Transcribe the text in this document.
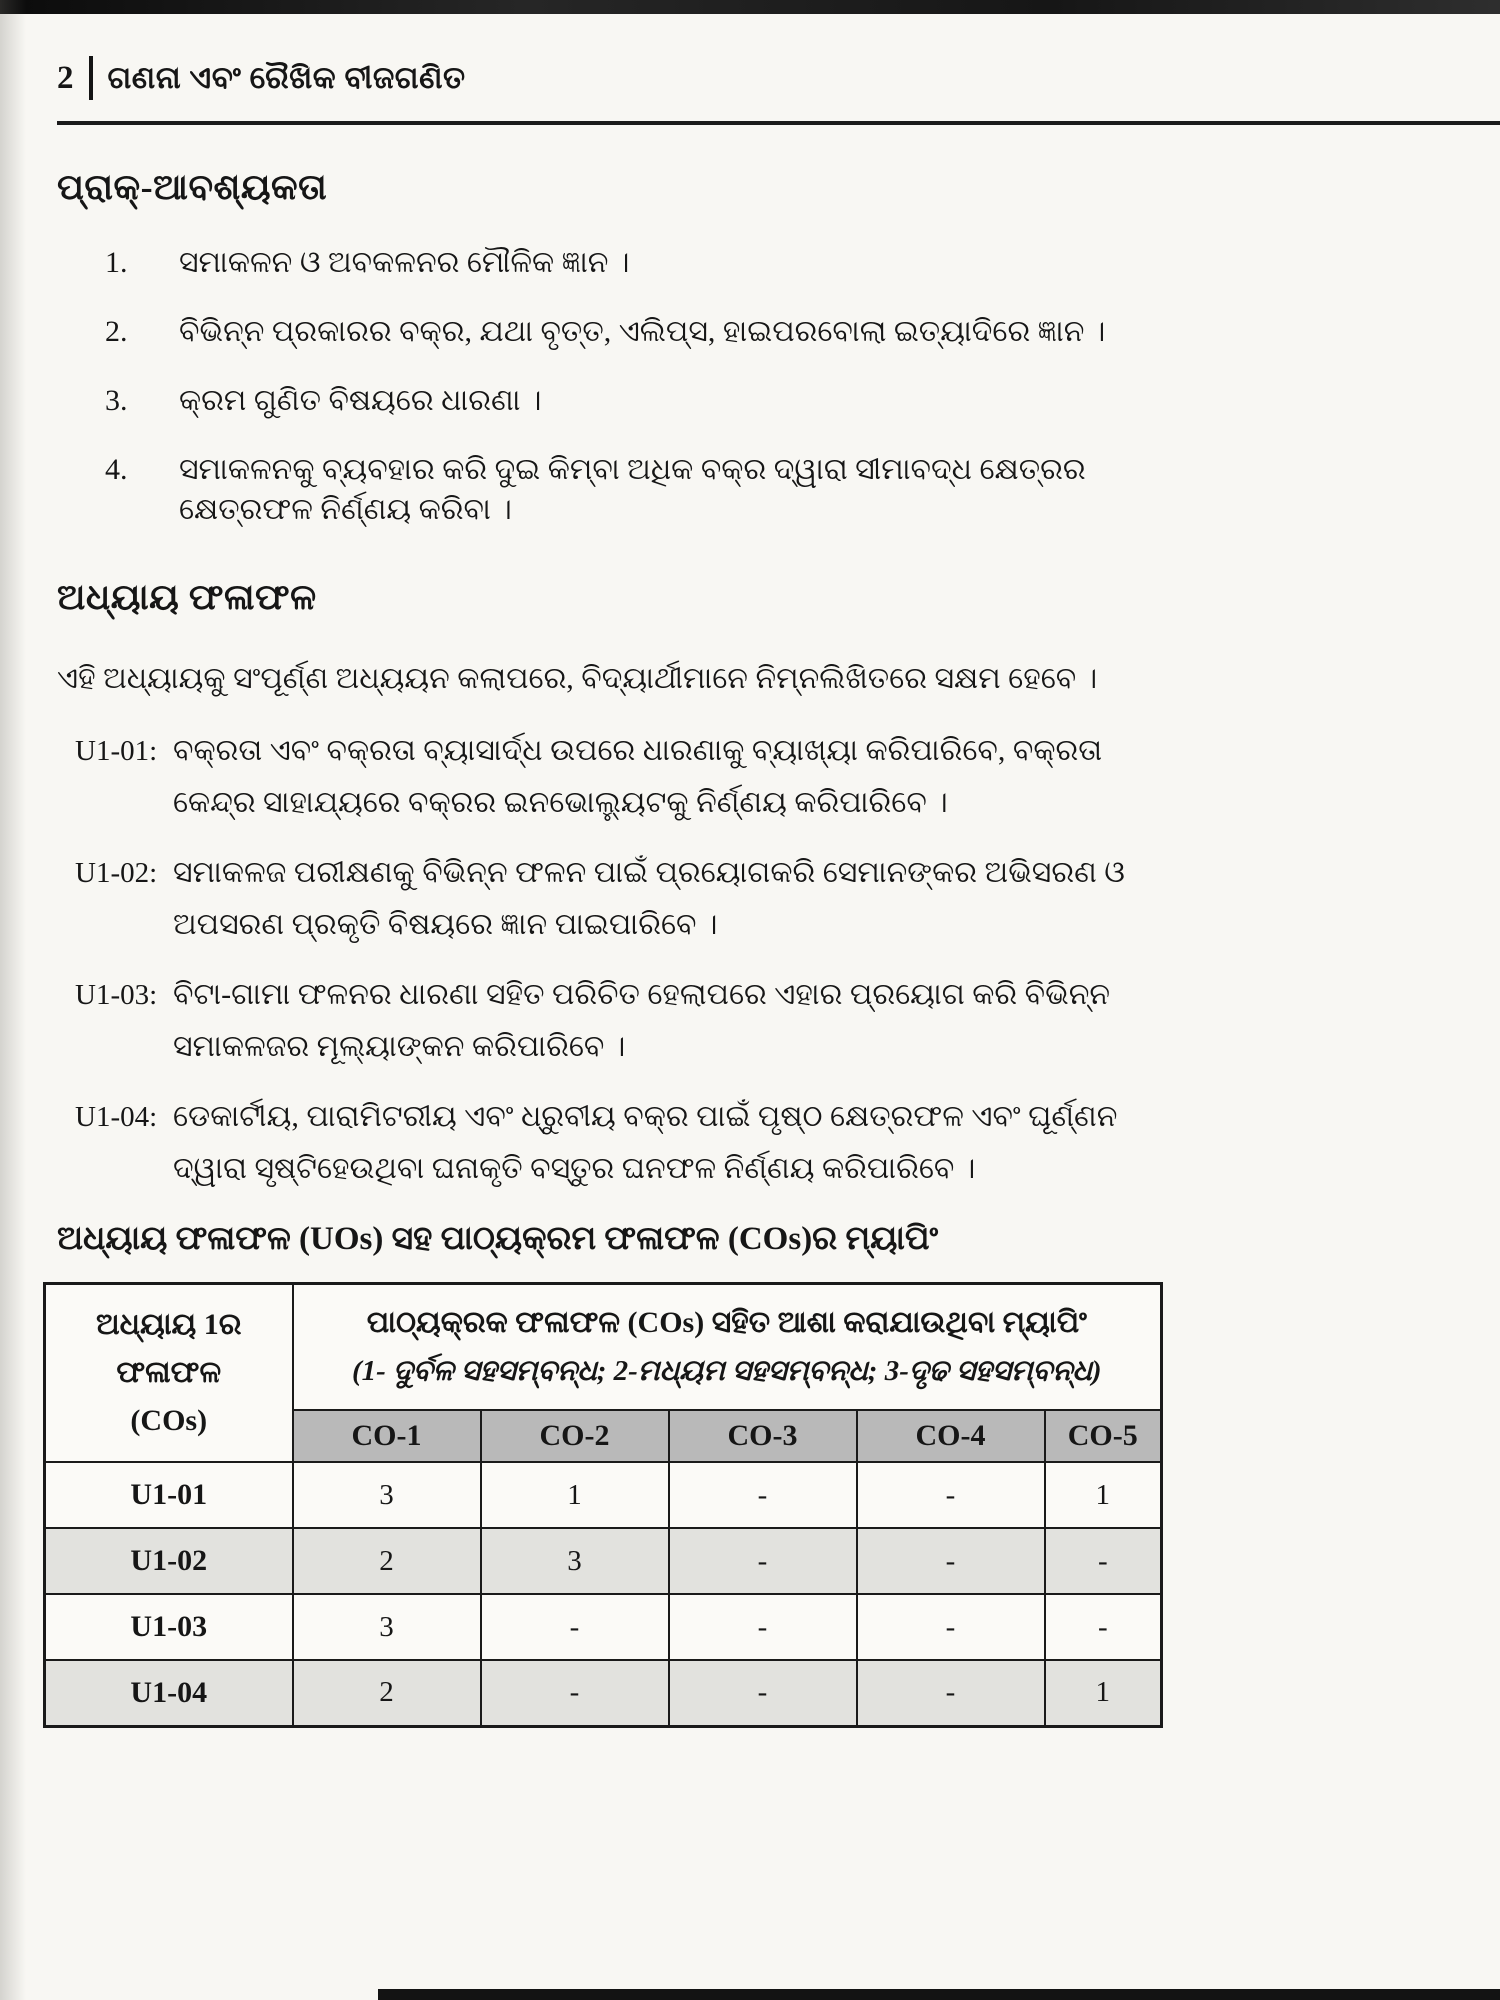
2 ଗଣନା ଏବଂ ରୈଖିକ ବୀଜଗଣିତ
ପ୍ରାକ୍-ଆବଶ୍ୟକତା
1.	ସମାକଳନ ଓ ଅବକଳନର ମୌଳିକ ଜ୍ଞାନ ।
2.	ବିଭିନ୍ନ ପ୍ରକାରର ବକ୍ର, ଯଥା ବୃତ୍ତ, ଏଲିପ୍ସ, ହାଇପରବୋଲା ଇତ୍ୟାଦିରେ ଜ୍ଞାନ ।
3.	କ୍ରମ ଗୁଣିତ ବିଷୟରେ ଧାରଣା ।
4.	ସମାକଳନକୁ ବ୍ୟବହାର କରି ଦୁଇ କିମ୍ବା ଅଧିକ ବକ୍ର ଦ୍ୱାରା ସୀମାବଦ୍ଧ କ୍ଷେତ୍ରର କ୍ଷେତ୍ରଫଳ ନିର୍ଣ୍ଣୟ କରିବା ।
ଅଧ୍ୟାୟ ଫଳାଫଳ
ଏହି ଅଧ୍ୟାୟକୁ ସଂପୂର୍ଣ୍ଣ ଅଧ୍ୟୟନ କଲାପରେ, ବିଦ୍ୟାର୍ଥୀମାନେ ନିମ୍ନଲିଖିତରେ ସକ୍ଷମ ହେବେ ।
U1-01: ବକ୍ରତା ଏବଂ ବକ୍ରତା ବ୍ୟାସାର୍ଦ୍ଧ ଉପରେ ଧାରଣାକୁ ବ୍ୟାଖ୍ୟା କରିପାରିବେ, ବକ୍ରତା କେନ୍ଦ୍ର ସାହାଯ୍ୟରେ ବକ୍ରର ଇନଭୋଲ୍ୟୁଟକୁ ନିର୍ଣ୍ଣୟ କରିପାରିବେ ।
U1-02: ସମାକଳଜ ପରୀକ୍ଷଣକୁ ବିଭିନ୍ନ ଫଳନ ପାଇଁ ପ୍ରୟୋଗକରି ସେମାନଙ୍କର ଅଭିସରଣ ଓ ଅପସରଣ ପ୍ରକୃତି ବିଷୟରେ ଜ୍ଞାନ ପାଇପାରିବେ ।
U1-03: ବିଟା-ଗାମା ଫଳନର ଧାରଣା ସହିତ ପରିଚିତ ହେଲାପରେ ଏହାର ପ୍ରୟୋଗ କରି ବିଭିନ୍ନ ସମାକଳଜର ମୂଲ୍ୟାଙ୍କନ କରିପାରିବେ ।
U1-04: ଡେକାର୍ଟୀୟ, ପାରାମିଟରୀୟ ଏବଂ ଧ୍ରୁବୀୟ ବକ୍ର ପାଇଁ ପୃଷ୍ଠ କ୍ଷେତ୍ରଫଳ ଏବଂ ଘୂର୍ଣ୍ଣନ ଦ୍ୱାରା ସୃଷ୍ଟିହେଉଥିବା ଘନାକୃତି ବସ୍ତୁର ଘନଫଳ ନିର୍ଣ୍ଣୟ କରିପାରିବେ ।
ଅଧ୍ୟାୟ ଫଳାଫଳ (UOs) ସହ ପାଠ୍ୟକ୍ରମ ଫଳାଫଳ (COs)ର ମ୍ୟାପିଂ
ଅଧ୍ୟାୟ 1ର
ଫଳାଫଳ
(COs)

ପାଠ୍ୟକ୍ରକ ଫଳାଫଳ (COs) ସହିତ ଆଶା କରାଯାଉଥିବା ମ୍ୟାପିଂ
(1- ଦୁର୍ବଳ ସହସମ୍ବନ୍ଧ; 2-ମଧ୍ୟମ ସହସମ୍ବନ୍ଧ; 3-ଦୃଢ ସହସମ୍ବନ୍ଧ)

	CO-1	CO-2	CO-3	CO-4	CO-5
U1-01	3	1	-	-	1
U1-02	2	3	-	-	-
U1-03	3	-	-	-	-
U1-04	2	-	-	-	1
